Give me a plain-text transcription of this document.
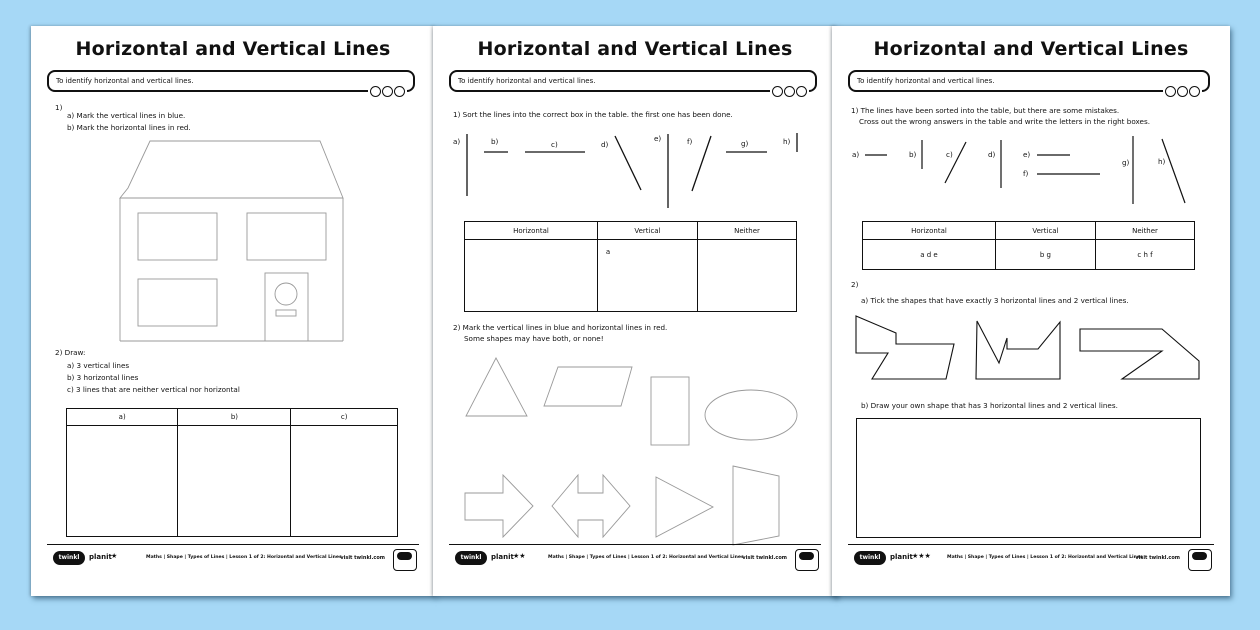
Horizontal and Vertical Lines
To identify horizontal and vertical lines.
1)
a) Mark the vertical lines in blue.
b) Mark the horizontal lines in red.
2) Draw:
a) 3 vertical lines
b) 3 horizontal lines
c) 3 lines that are neither vertical nor horizontal
a)	b)	c)

twinkl	planit ★	Maths | Shape | Types of Lines | Lesson 1 of 2: Horizontal and Vertical Lines
visit twinkl.com
Horizontal and Vertical Lines
To identify horizontal and vertical lines.
1) Sort the lines into the correct box in the table. the first one has been done.
a)	b)	c)	d)
e)	f)	g)	h)
Horizontal	Vertical	Neither
	a	
2) Mark the vertical lines in blue and horizontal lines in red.
Some shapes may have both, or none!
twinkl	planit ★★	Maths | Shape | Types of Lines | Lesson 1 of 2: Horizontal and Vertical Lines
visit twinkl.com
Horizontal and Vertical Lines
To identify horizontal and vertical lines.
1) The lines have been sorted into the table, but there are some mistakes.
Cross out the wrong answers in the table and write the letters in the right boxes.
a)	b)	c)	d)	e)
f)
g)	h)
Horizontal	Vertical	Neither
a d e	b g	c h f
2)
a) Tick the shapes that have exactly 3 horizontal lines and 2 vertical lines.
b) Draw your own shape that has 3 horizontal lines and 2 vertical lines.
twinkl	planit ★★★	Maths | Shape | Types of Lines | Lesson 1 of 2: Horizontal and Vertical Lines
visit twinkl.com
